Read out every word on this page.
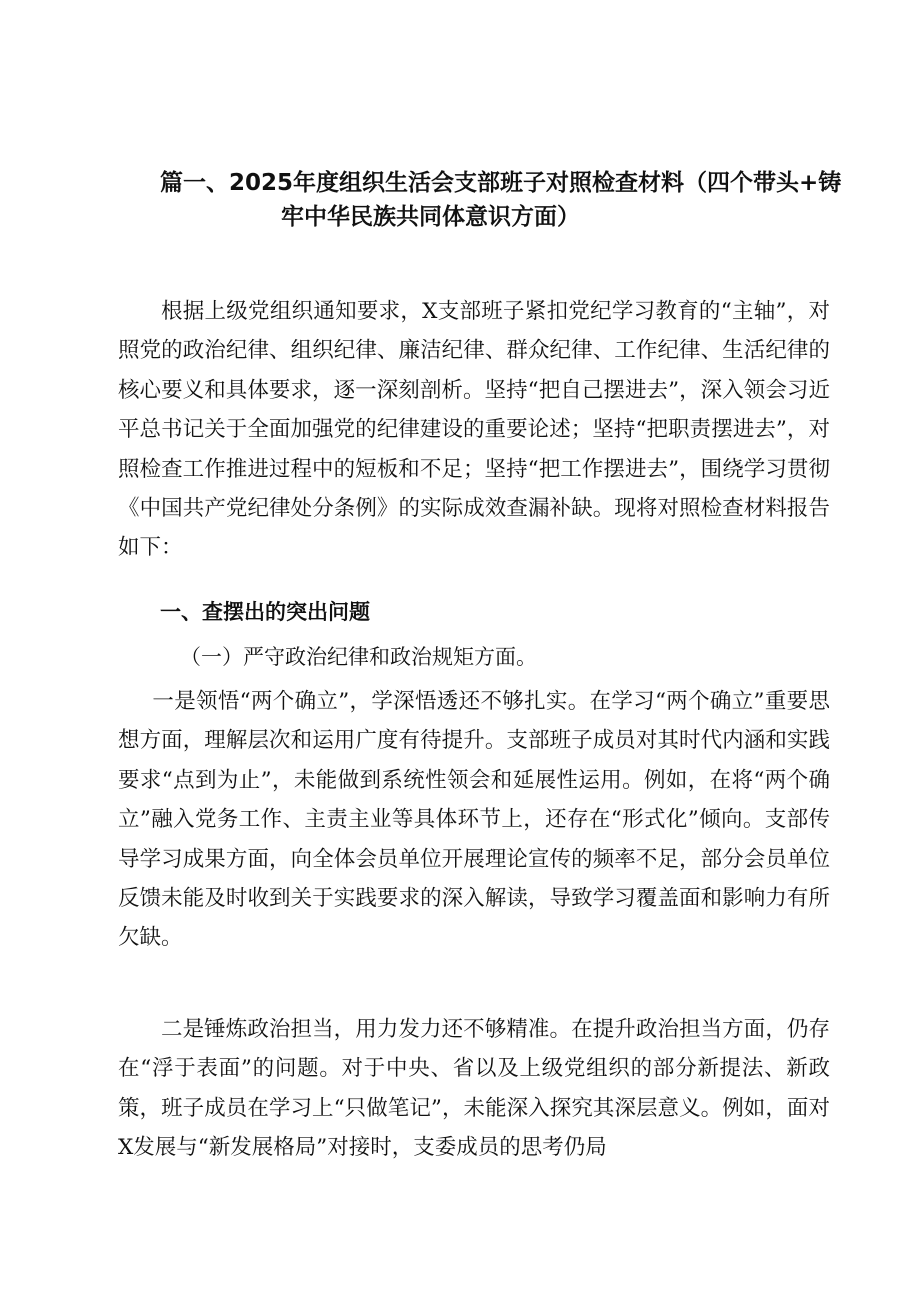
篇一、2025年度组织生活会支部班子对照检查材料（四个带头+铸
牢中华民族共同体意识方面）

根据上级党组织通知要求，X支部班子紧扣党纪学习教育的“主轴”，对照党的政治纪律、组织纪律、廉洁纪律、群众纪律、工作纪律、生活纪律的核心要义和具体要求，逐一深刻剖析。坚持“把自己摆进去”，深入领会习近平总书记关于全面加强党的纪律建设的重要论述；坚持“把职责摆进去”，对照检查工作推进过程中的短板和不足；坚持“把工作摆进去”，围绕学习贯彻《中国共产党纪律处分条例》的实际成效查漏补缺。现将对照检查材料报告如下：

一、查摆出的突出问题
（一）严守政治纪律和政治规矩方面。

一是领悟“两个确立”，学深悟透还不够扎实。在学习“两个确立”重要思想方面，理解层次和运用广度有待提升。支部班子成员对其时代内涵和实践要求“点到为止”，未能做到系统性领会和延展性运用。例如，在将“两个确立”融入党务工作、主责主业等具体环节上，还存在“形式化”倾向。支部传导学习成果方面，向全体会员单位开展理论宣传的频率不足，部分会员单位反馈未能及时收到关于实践要求的深入解读，导致学习覆盖面和影响力有所欠缺。

二是锤炼政治担当，用力发力还不够精准。在提升政治担当方面，仍存在“浮于表面”的问题。对于中央、省以及上级党组织的部分新提法、新政策，班子成员在学习上“只做笔记”，未能深入探究其深层意义。例如，面对X发展与“新发展格局”对接时，支委成员的思考仍局
